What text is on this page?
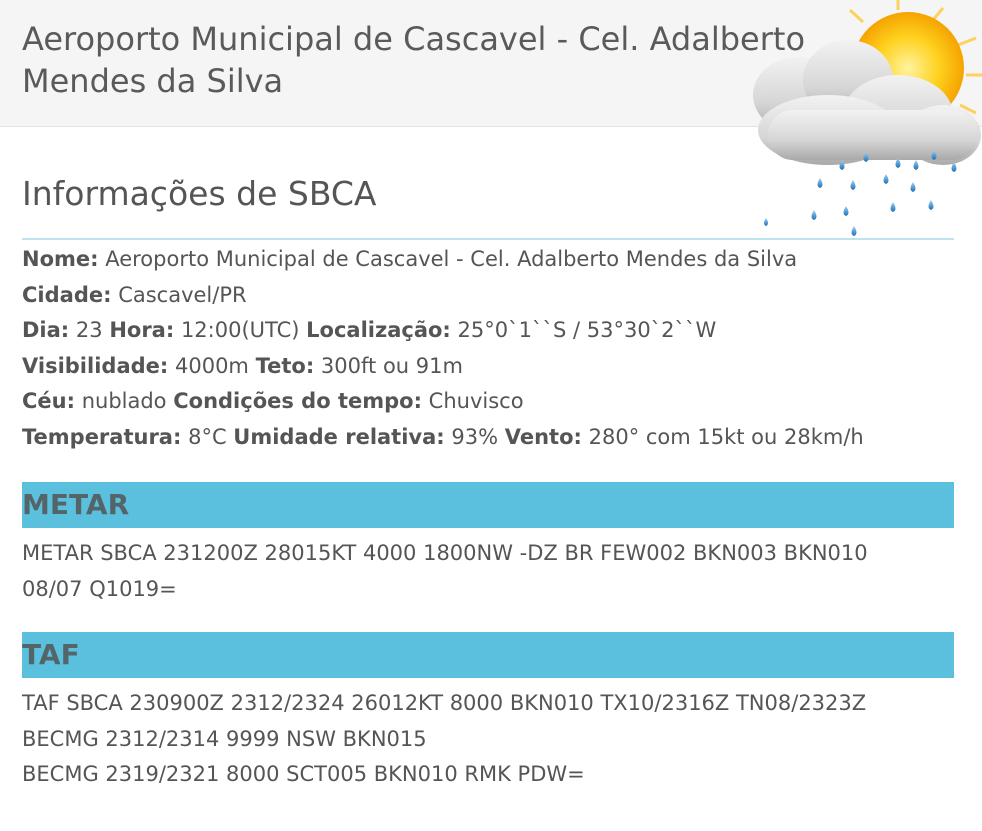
Aeroporto Municipal de Cascavel - Cel. Adalberto Mendes da Silva
Informações de SBCA
Nome: Aeroporto Municipal de Cascavel - Cel. Adalberto Mendes da Silva
Cidade: Cascavel/PR
Dia: 23 Hora: 12:00(UTC) Localização: 25°0`1``S / 53°30`2``W
Visibilidade: 4000m Teto: 300ft ou 91m
Céu: nublado Condições do tempo: Chuvisco
Temperatura: 8°C Umidade relativa: 93% Vento: 280° com 15kt ou 28km/h
METAR
METAR SBCA 231200Z 28015KT 4000 1800NW -DZ BR FEW002 BKN003 BKN010
08/07 Q1019=
TAF
TAF SBCA 230900Z 2312/2324 26012KT 8000 BKN010 TX10/2316Z TN08/2323Z
BECMG 2312/2314 9999 NSW BKN015
BECMG 2319/2321 8000 SCT005 BKN010 RMK PDW=
